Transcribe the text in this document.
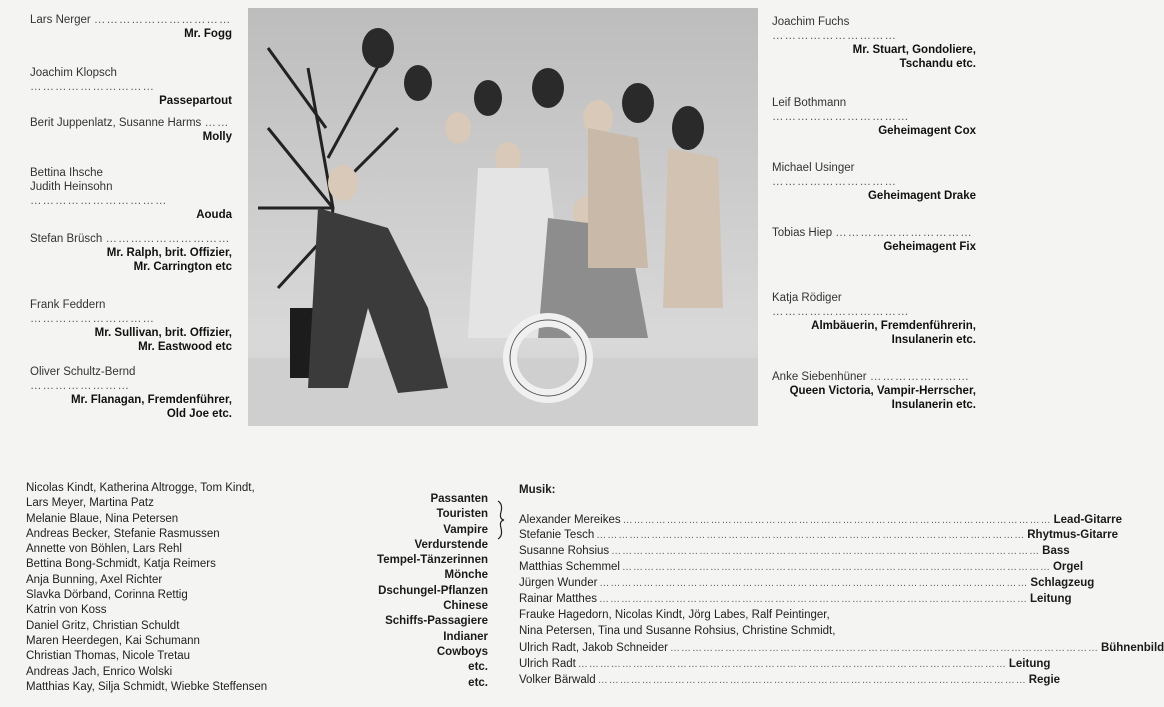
Lars Nerger ……………………………
Mr. Fogg
Joachim Klopsch …………………………
Passepartout
Berit Juppenlatz, Susanne Harms ……
Molly
Bettina Ihsche
Judith Heinsohn ……………………………
Aouda
Stefan Brüsch …………………………
Mr. Ralph, brit. Offizier,
Mr. Carrington etc
Frank Feddern …………………………
Mr. Sullivan, brit. Offizier,
Mr. Eastwood etc
Oliver Schultz-Bernd ……………………
Mr. Flanagan, Fremdenführer,
Old Joe etc.
Joachim Fuchs …………………………
Mr. Stuart, Gondoliere,
Tschandu etc.
Leif Bothmann ……………………………
Geheimagent Cox
Michael Usinger …………………………
Geheimagent Drake
Tobias Hiep ……………………………
Geheimagent Fix
Katja Rödiger ……………………………
Almbäuerin, Fremdenführerin,
Insulanerin etc.
Anke Siebenhüner ……………………
Queen Victoria, Vampir-Herrscher,
Insulanerin etc.
Nicolas Kindt, Katherina Altrogge, Tom Kindt,
Lars Meyer, Martina Patz
Melanie Blaue, Nina Petersen
Andreas Becker, Stefanie Rasmussen
Annette von Böhlen, Lars Rehl
Bettina Bong-Schmidt, Katja Reimers
Anja Bunning, Axel Richter
Slavka Dörband, Corinna Rettig
Katrin von Koss
Daniel Gritz, Christian Schuldt
Maren Heerdegen, Kai Schumann
Christian Thomas, Nicole Tretau
Andreas Jach, Enrico Wolski
Matthias Kay, Silja Schmidt, Wiebke Steffensen
Passanten
Touristen
Vampire
Verdurstende
Tempel-Tänzerinnen
Mönche
Dschungel-Pflanzen
Chinese
Schiffs-Passagiere
Indianer
Cowboys
etc.
etc.
Musik:
Alexander Mereikes ……………………………………………………………………………………………………… Lead-Gitarre
Stefanie Tesch ……………………………………………………………………………………………………… Rhytmus-Gitarre
Susanne Rohsius ……………………………………………………………………………………………………… Bass
Matthias Schemmel ……………………………………………………………………………………………………… Orgel
Jürgen Wunder ……………………………………………………………………………………………………… Schlagzeug
Rainar Matthes ……………………………………………………………………………………………………… Leitung
Frauke Hagedorn, Nicolas Kindt, Jörg Labes, Ralf Peintinger,
Nina Petersen, Tina und Susanne Rohsius, Christine Schmidt,
Ulrich Radt, Jakob Schneider ……………………………………………………………………………………………………… Bühnenbild
Ulrich Radt ……………………………………………………………………………………………………… Leitung
Volker Bärwald ……………………………………………………………………………………………………… Regie
